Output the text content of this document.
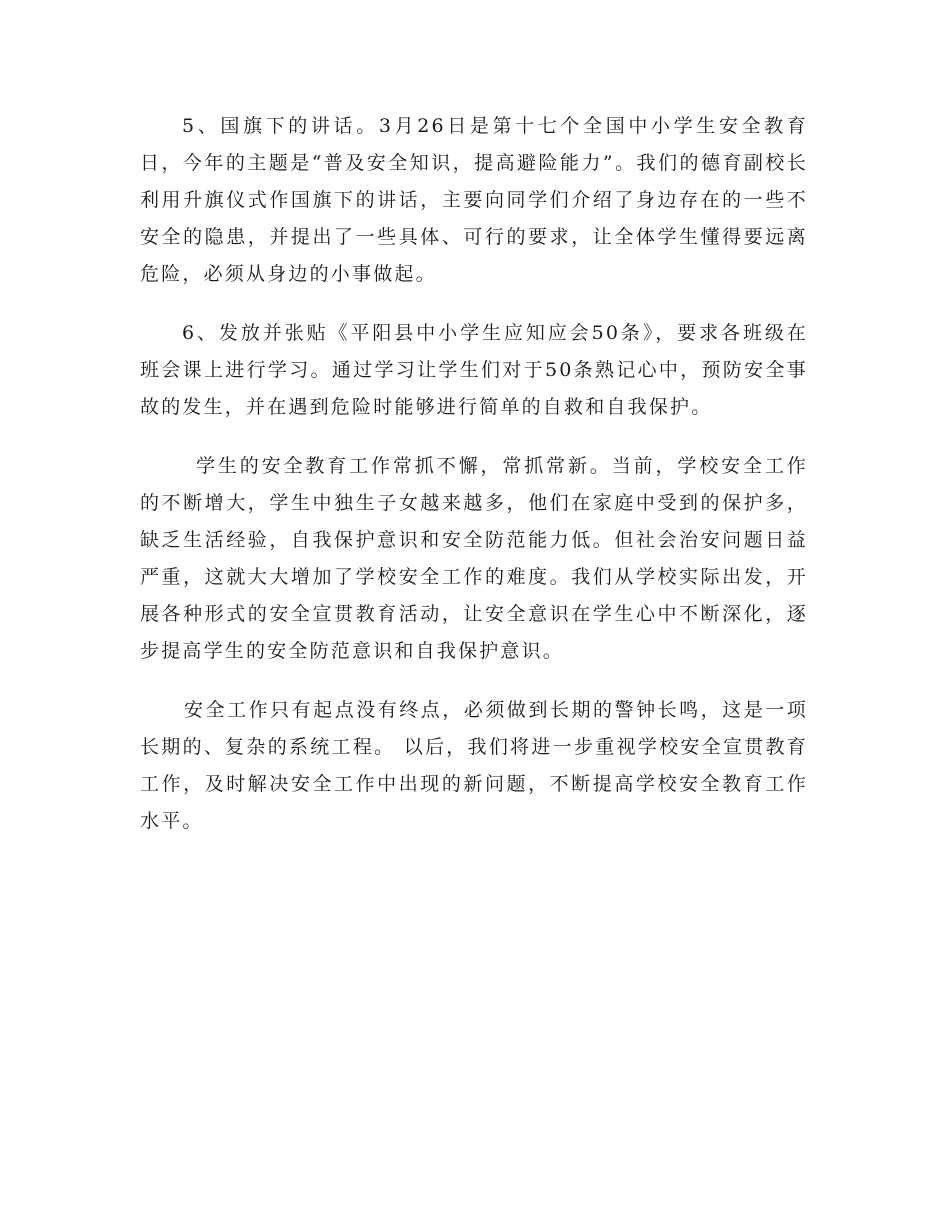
5、国旗下的讲话。3月26日是第十七个全国中小学生安全教育日，今年的主题是“普及安全知识，提高避险能力”。我们的德育副校长利用升旗仪式作国旗下的讲话，主要向同学们介绍了身边存在的一些不安全的隐患，并提出了一些具体、可行的要求，让全体学生懂得要远离危险，必须从身边的小事做起。

6、发放并张贴《平阳县中小学生应知应会50条》，要求各班级在班会课上进行学习。通过学习让学生们对于50条熟记心中，预防安全事故的发生，并在遇到危险时能够进行简单的自救和自我保护。

学生的安全教育工作常抓不懈，常抓常新。当前，学校安全工作的不断增大，学生中独生子女越来越多，他们在家庭中受到的保护多，缺乏生活经验，自我保护意识和安全防范能力低。但社会治安问题日益严重，这就大大增加了学校安全工作的难度。我们从学校实际出发，开展各种形式的安全宣贯教育活动，让安全意识在学生心中不断深化，逐步提高学生的安全防范意识和自我保护意识。

安全工作只有起点没有终点，必须做到长期的警钟长鸣，这是一项长期的、复杂的系统工程。 以后，我们将进一步重视学校安全宣贯教育工作，及时解决安全工作中出现的新问题，不断提高学校安全教育工作水平。
